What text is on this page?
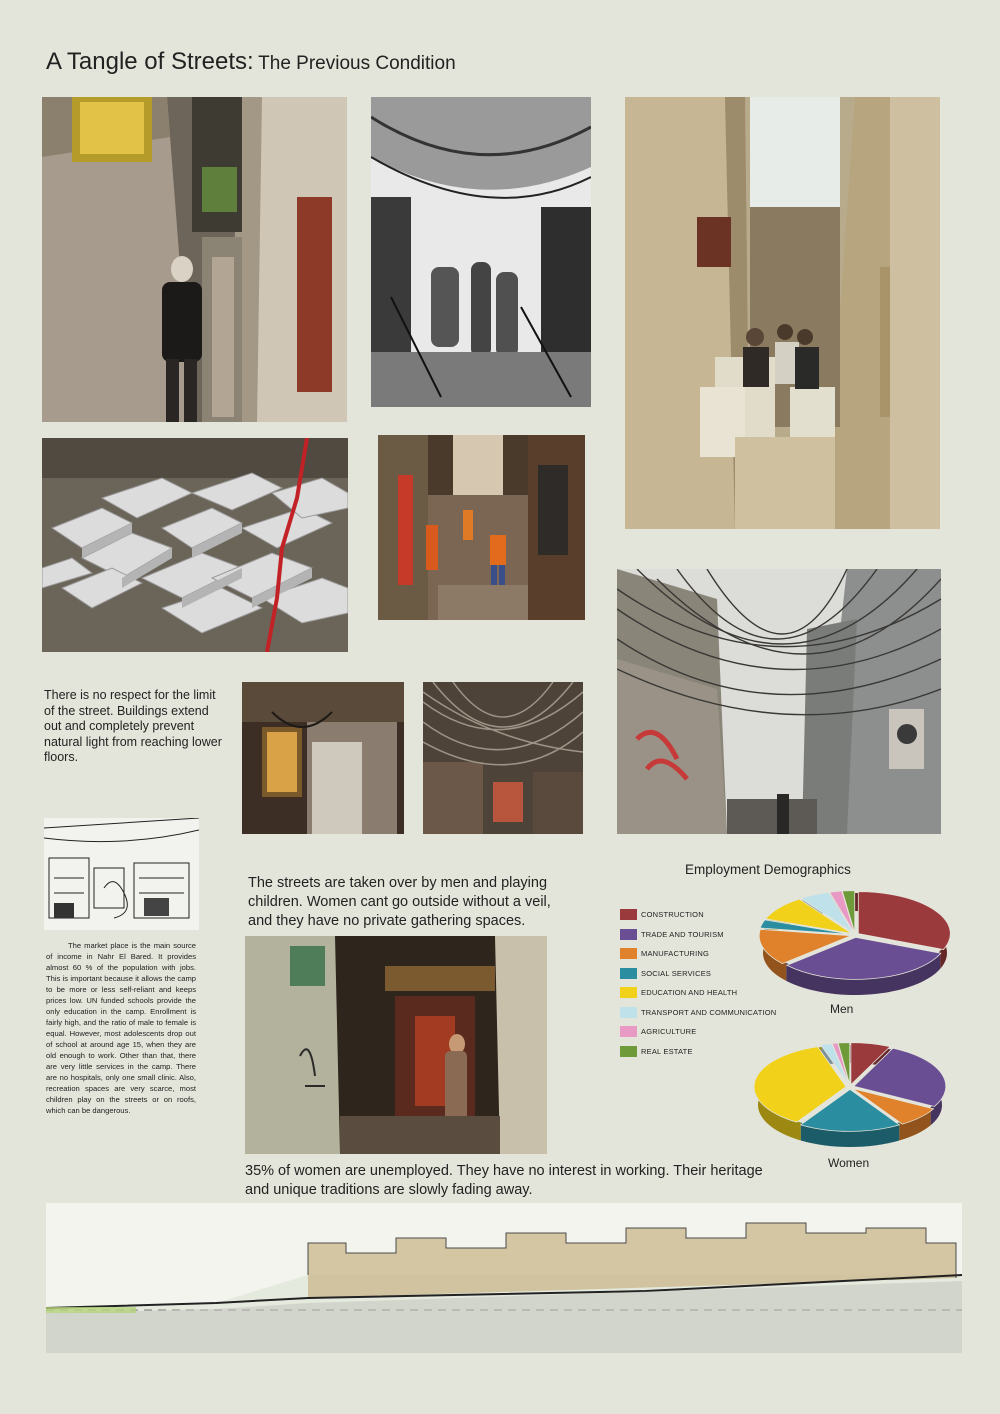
A Tangle of Streets: The Previous Condition
There is no respect for the limit of the street. Buildings extend out and completely prevent natural light from reaching lower floors.
The market place is the main source of income in Nahr El Bared. It provides almost 60 % of the population with jobs. This is important because it allows the camp to be more or less self-reliant and keeps prices low. UN funded schools provide the only education in the camp. Enrollment is fairly high, and the ratio of male to female is equal. However, most adolescents drop out of school at around age 15, when they are old enough to work. Other than that, there are very little services in the camp. There are no hospitals, only one small clinic. Also, recreation spaces are very scarce, most children play on the streets or on roofs, which can be dangerous.
The streets are taken over by men and playing children. Women cant go outside without a veil, and they have no private gathering spaces.
35% of women are unemployed. They have no interest in working. Their heritage and unique traditions are slowly fading away.
Employment Demographics
CONSTRUCTION
TRADE AND TOURISM
MANUFACTURING
SOCIAL SERVICES
EDUCATION AND HEALTH
TRANSPORT AND COMMUNICATION
AGRICULTURE
REAL ESTATE
Men
Women
